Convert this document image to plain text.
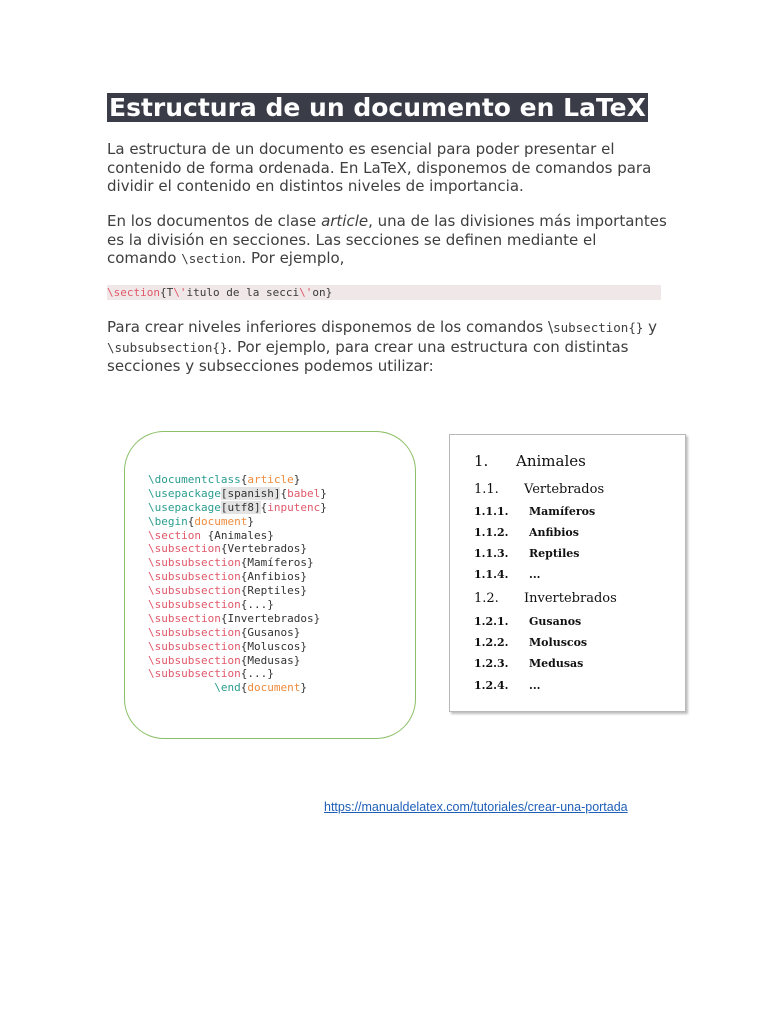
Estructura de un documento en LaTeX

La estructura de un documento es esencial para poder presentar el contenido de forma ordenada. En LaTeX, disponemos de comandos para dividir el contenido en distintos niveles de importancia.

En los documentos de clase article, una de las divisiones más importantes es la división en secciones. Las secciones se definen mediante el comando \section. Por ejemplo,

\section{T\'itulo de la secci\'on}

Para crear niveles inferiores disponemos de los comandos \subsection{} y \subsubsection{}. Por ejemplo, para crear una estructura con distintas secciones y subsecciones podemos utilizar:

\documentclass{article}
\usepackage[spanish]{babel}
\usepackage[utf8]{inputenc}
\begin{document}
\section {Animales}
\subsection{Vertebrados}
\subsubsection{Mamíferos}
\subsubsection{Anfibios}
\subsubsection{Reptiles}
\subsubsection{...}
\subsection{Invertebrados}
\subsubsection{Gusanos}
\subsubsection{Moluscos}
\subsubsection{Medusas}
\subsubsection{...}
\end{document}
1. Animales
1.1. Vertebrados
1.1.1. Mamíferos
1.1.2. Anfibios
1.1.3. Reptiles
1.1.4. ...
1.2. Invertebrados
1.2.1. Gusanos
1.2.2. Moluscos
1.2.3. Medusas
1.2.4. ...
https://manualdelatex.com/tutoriales/crear-una-portada
